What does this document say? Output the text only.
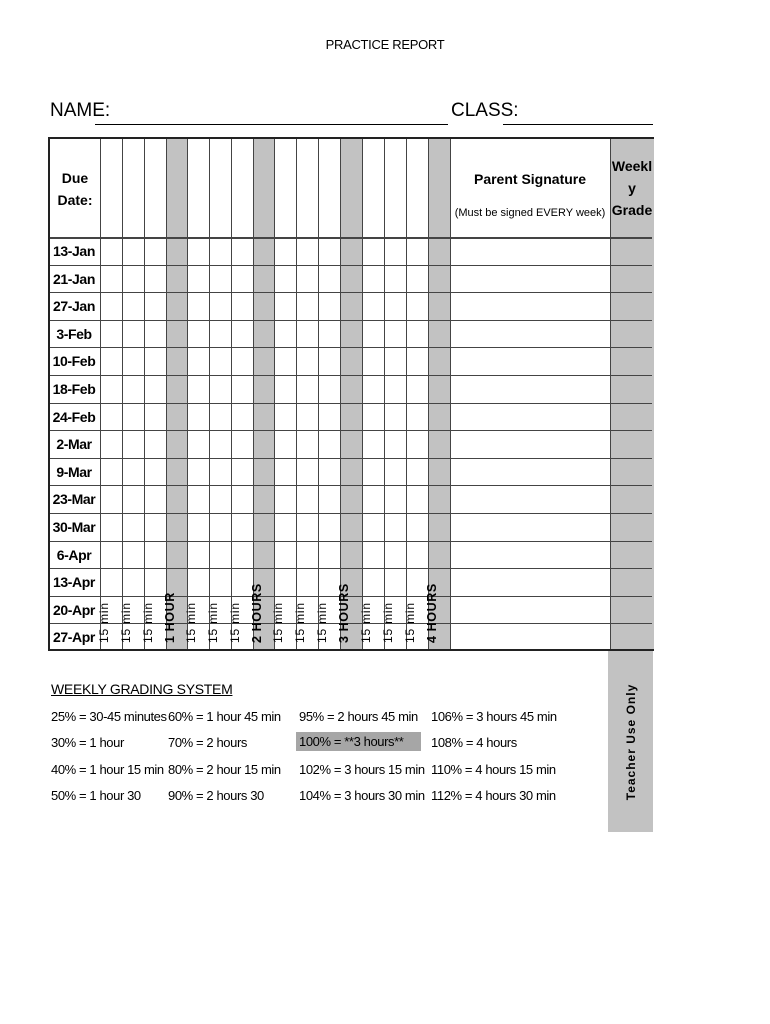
PRACTICE REPORT
NAME:	CLASS:
Due
Date:
15 min 15 min 15 min 1 HOUR 15 min 15 min 15 min 2 HOURS 15 min 15 min 15 min 3 HOURS 15 min 15 min 15 min 4 HOURS
Parent Signature
(Must be signed EVERY week)
Weekl
y
Grade
13-Jan
21-Jan
27-Jan
3-Feb
10-Feb
18-Feb
24-Feb
2-Mar
9-Mar
23-Mar
30-Mar
6-Apr
13-Apr
20-Apr
27-Apr
Teacher Use Only
WEEKLY GRADING SYSTEM
25% = 30-45 minutes
30% = 1 hour
40% = 1 hour 15 min
50% = 1 hour 30
60% = 1 hour 45 min
70% = 2 hours
80% = 2 hour 15 min
90% = 2 hours 30
95% = 2 hours 45 min
100% = **3 hours**
102% = 3 hours 15 min
104% = 3 hours 30 min
106% = 3 hours 45 min
108% = 4 hours
110% = 4 hours 15 min
112% = 4 hours 30 min
